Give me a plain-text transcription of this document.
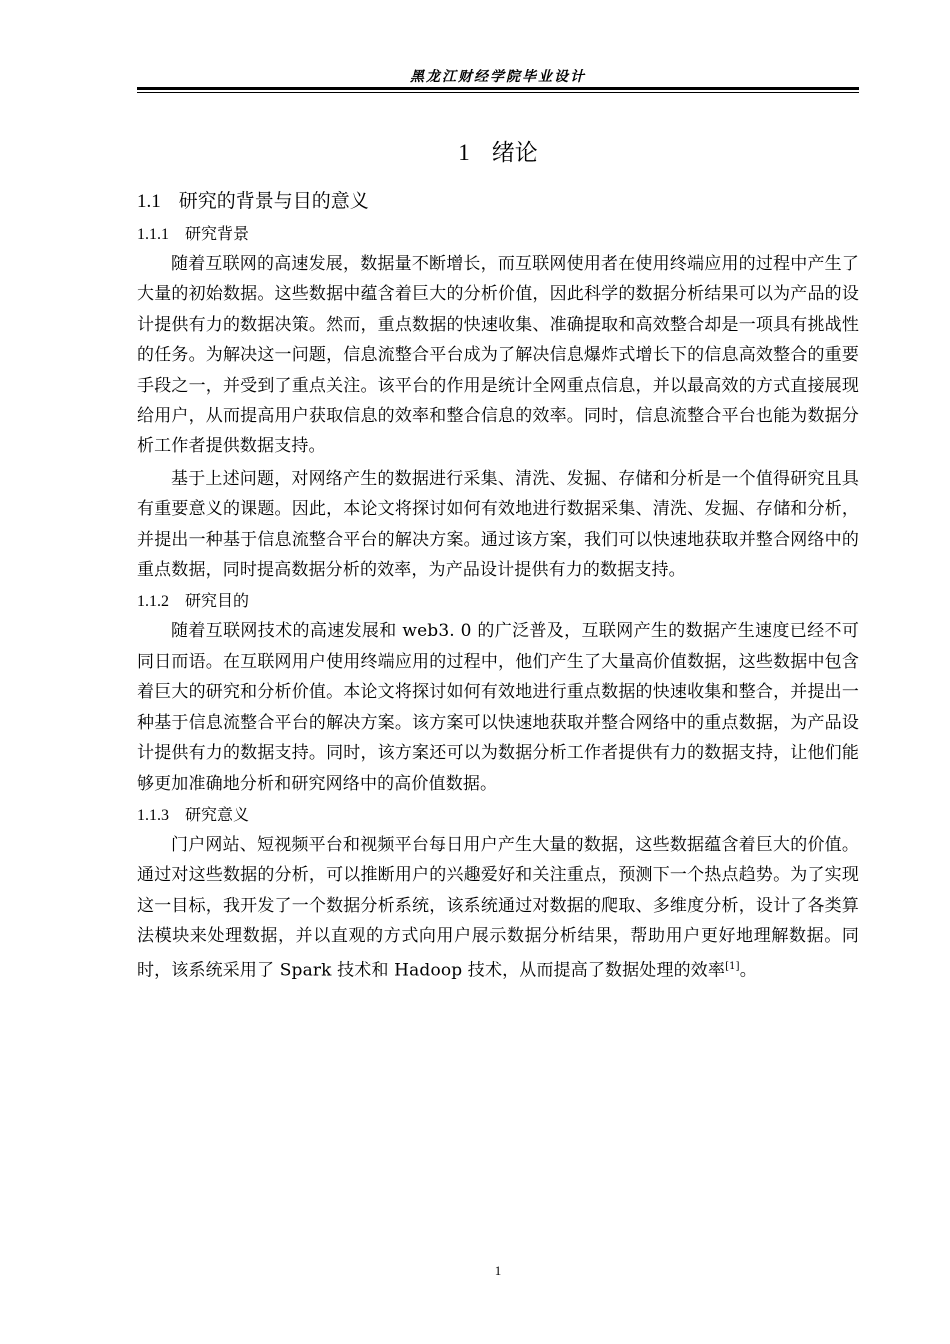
黑龙江财经学院毕业设计
1 绪论
1.1 研究的背景与目的意义
1.1.1 研究背景

随着互联网的高速发展，数据量不断增长，而互联网使用者在使用终端应用的过程中产生了大量的初始数据。这些数据中蕴含着巨大的分析价值，因此科学的数据分析结果可以为产品的设计提供有力的数据决策。然而，重点数据的快速收集、准确提取和高效整合却是一项具有挑战性的任务。为解决这一问题，信息流整合平台成为了解决信息爆炸式增长下的信息高效整合的重要手段之一，并受到了重点关注。该平台的作用是统计全网重点信息，并以最高效的方式直接展现给用户，从而提高用户获取信息的效率和整合信息的效率。同时，信息流整合平台也能为数据分析工作者提供数据支持。

基于上述问题，对网络产生的数据进行采集、清洗、发掘、存储和分析是一个值得研究且具有重要意义的课题。因此，本论文将探讨如何有效地进行数据采集、清洗、发掘、存储和分析，并提出一种基于信息流整合平台的解决方案。通过该方案，我们可以快速地获取并整合网络中的重点数据，同时提高数据分析的效率，为产品设计提供有力的数据支持。

1.1.2 研究目的

随着互联网技术的高速发展和 web3. 0 的广泛普及，互联网产生的数据产生速度已经不可同日而语。在互联网用户使用终端应用的过程中，他们产生了大量高价值数据，这些数据中包含着巨大的研究和分析价值。本论文将探讨如何有效地进行重点数据的快速收集和整合，并提出一种基于信息流整合平台的解决方案。该方案可以快速地获取并整合网络中的重点数据，为产品设计提供有力的数据支持。同时，该方案还可以为数据分析工作者提供有力的数据支持，让他们能够更加准确地分析和研究网络中的高价值数据。

1.1.3 研究意义

门户网站、短视频平台和视频平台每日用户产生大量的数据，这些数据蕴含着巨大的价值。通过对这些数据的分析，可以推断用户的兴趣爱好和关注重点，预测下一个热点趋势。为了实现这一目标，我开发了一个数据分析系统，该系统通过对数据的爬取、多维度分析，设计了各类算法模块来处理数据，并以直观的方式向用户展示数据分析结果，帮助用户更好地理解数据。同时，该系统采用了 Spark 技术和 Hadoop 技术，从而提高了数据处理的效率[1]。

1
